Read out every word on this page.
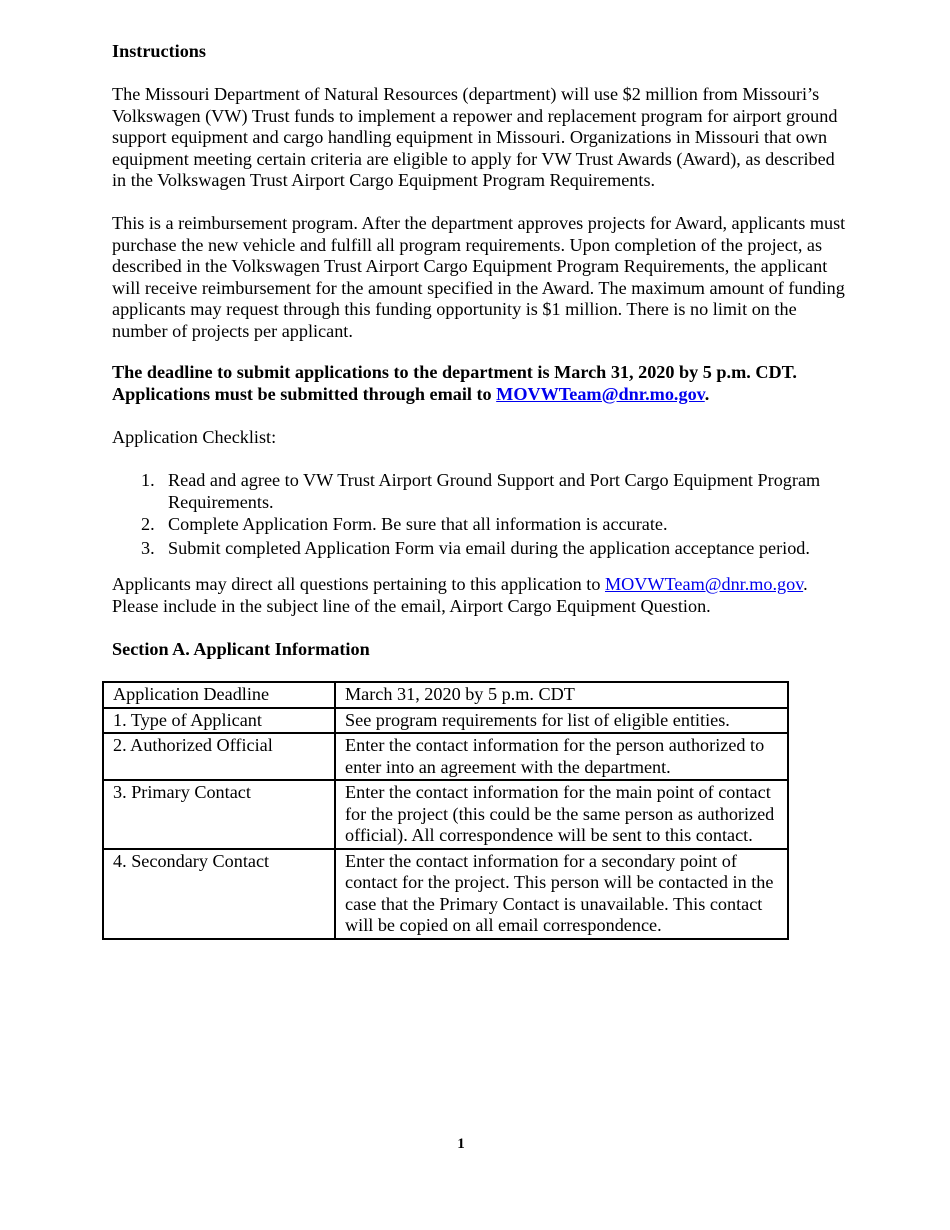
Instructions

The Missouri Department of Natural Resources (department) will use $2 million from Missouri’s Volkswagen (VW) Trust funds to implement a repower and replacement program for airport ground support equipment and cargo handling equipment in Missouri. Organizations in Missouri that own equipment meeting certain criteria are eligible to apply for VW Trust Awards (Award), as described in the Volkswagen Trust Airport Cargo Equipment Program Requirements.

This is a reimbursement program. After the department approves projects for Award, applicants must purchase the new vehicle and fulfill all program requirements. Upon completion of the project, as described in the Volkswagen Trust Airport Cargo Equipment Program Requirements, the applicant will receive reimbursement for the amount specified in the Award. The maximum amount of funding applicants may request through this funding opportunity is $1 million. There is no limit on the number of projects per applicant.

The deadline to submit applications to the department is March 31, 2020 by 5 p.m. CDT.
Applications must be submitted through email to MOVWTeam@dnr.mo.gov.
Application Checklist:
1. Read and agree to VW Trust Airport Ground Support and Port Cargo Equipment Program Requirements.
2. Complete Application Form. Be sure that all information is accurate.
3. Submit completed Application Form via email during the application acceptance period.
Applicants may direct all questions pertaining to this application to MOVWTeam@dnr.mo.gov.
Please include in the subject line of the email, Airport Cargo Equipment Question.
Section A. Applicant Information
Application Deadline	March 31, 2020 by 5 p.m. CDT
1. Type of Applicant	See program requirements for list of eligible entities.
2. Authorized Official	Enter the contact information for the person authorized to enter into an agreement with the department.
3. Primary Contact	Enter the contact information for the main point of contact for the project (this could be the same person as authorized official). All correspondence will be sent to this contact.
4. Secondary Contact	Enter the contact information for a secondary point of contact for the project. This person will be contacted in the case that the Primary Contact is unavailable. This contact will be copied on all email correspondence.
1
